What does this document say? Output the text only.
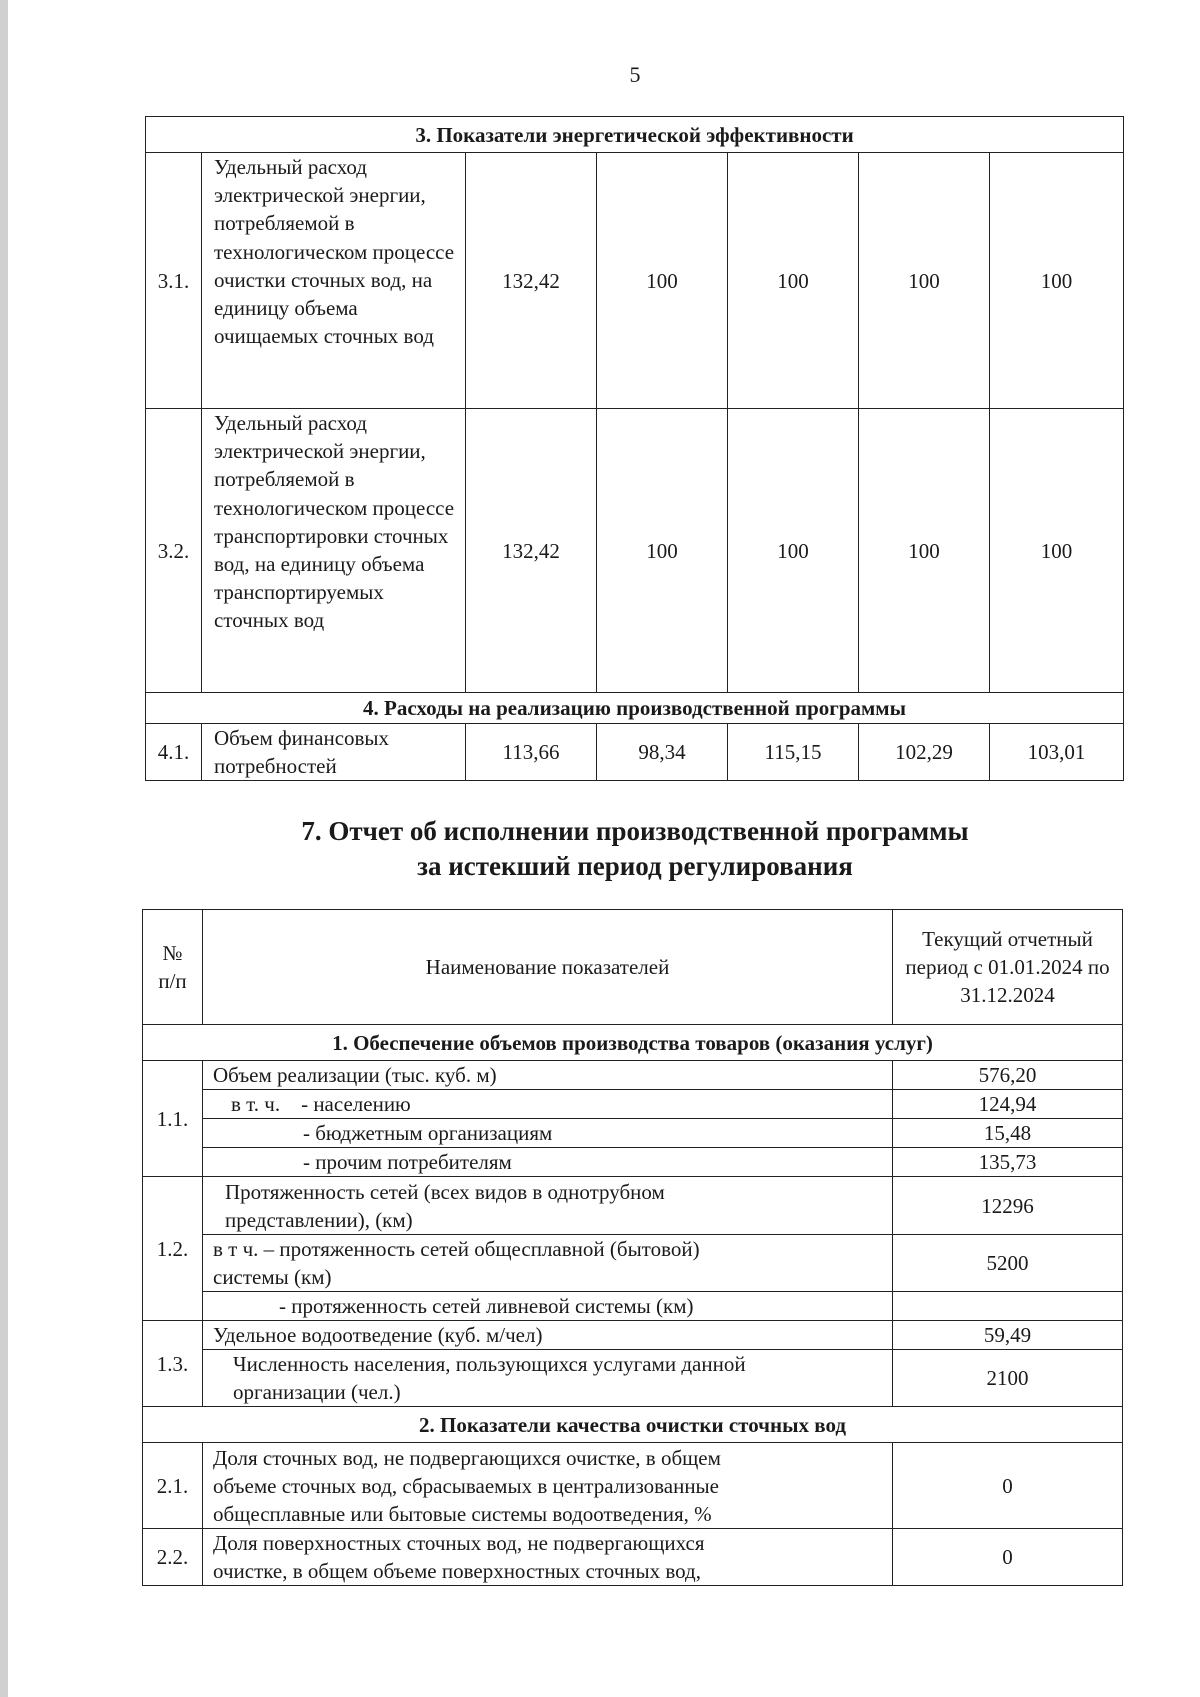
5
3. Показатели энергетической эффективности						
3.1.	Удельный расход электрической энергии, потребляемой в технологическом процессе очистки сточных вод, на единицу объема очищаемых сточных вод	132,42	100	100	100	100
3.2.	Удельный расход электрической энергии, потребляемой в технологическом процессе транспортировки сточных вод, на единицу объема транспортируемых сточных вод	132,42	100	100	100	100
4. Расходы на реализацию производственной программы						
4.1.	Объем финансовых потребностей	113,66	98,34	115,15	102,29	103,01
7. Отчет об исполнении производственной программы
за истекший период регулирования
№ п/п	Наименование показателей	Текущий отчетный период с 01.01.2024 по 31.12.2024
1. Обеспечение объемов производства товаров (оказания услуг)		
1.1.	Объем реализации (тыс. куб. м)	576,20
	в т. ч.    - населению	124,94
	- бюджетным организациям	15,48
	- прочим потребителям	135,73
1.2.	Протяженность сетей (всех видов в однотрубном представлении), (км)	12296
	в т ч. – протяженность сетей общесплавной (бытовой) системы (км)	5200
	- протяженность сетей ливневой системы (км)	
1.3.	Удельное водоотведение (куб. м/чел)	59,49
	Численность населения, пользующихся услугами данной организации (чел.)	2100
2. Показатели качества очистки сточных вод		
2.1.	Доля сточных вод, не подвергающихся очистке, в общем объеме сточных вод, сбрасываемых в централизованные общесплавные или бытовые системы водоотведения, %	0
2.2.	Доля поверхностных сточных вод, не подвергающихся очистке, в общем объеме поверхностных сточных вод,	0
